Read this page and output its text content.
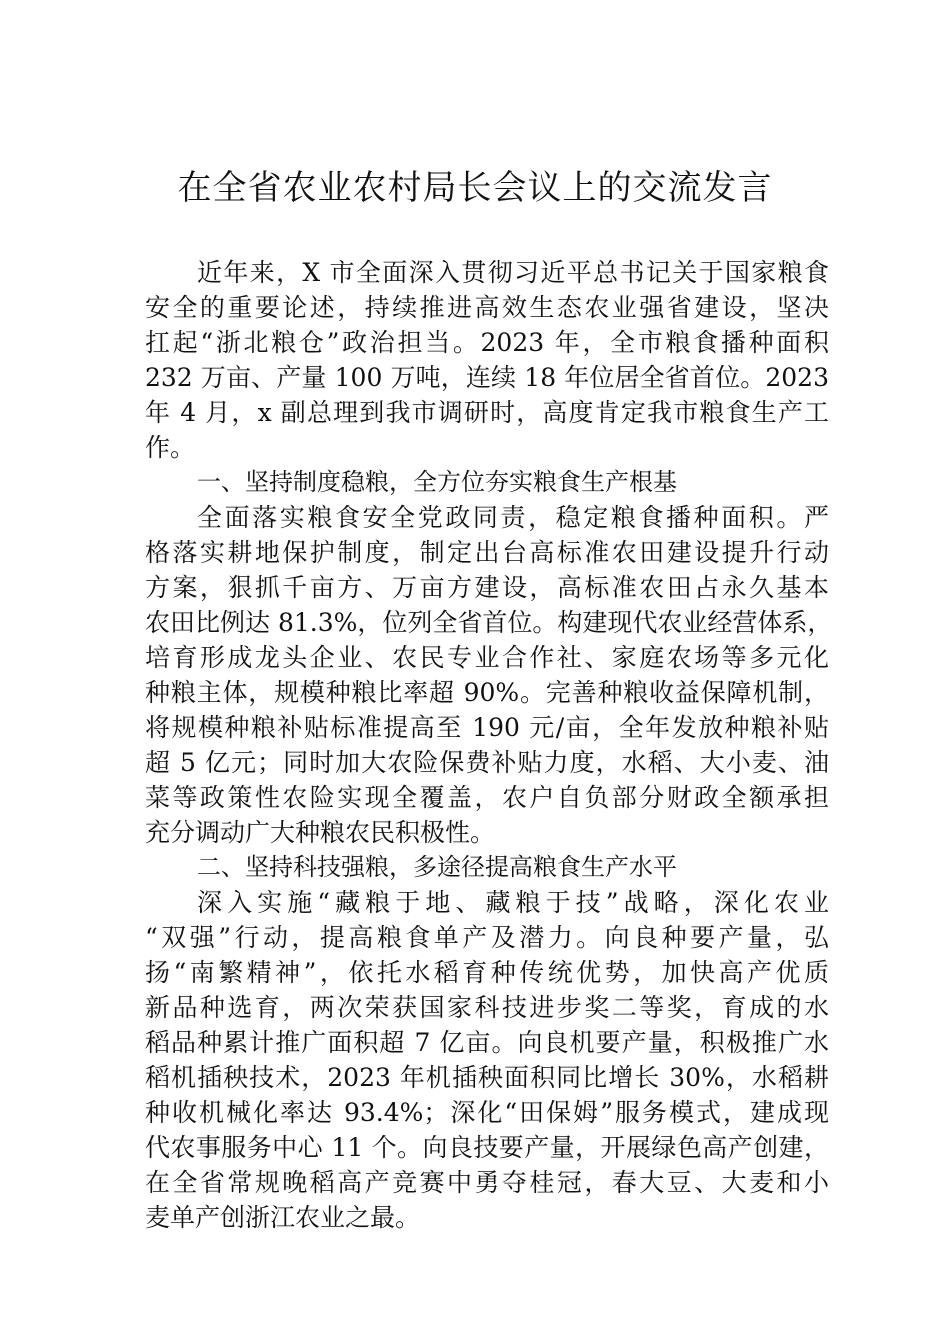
在全省农业农村局长会议上的交流发言
近年来，X 市全面深入贯彻习近平总书记关于国家粮食
安全的重要论述，持续推进高效生态农业强省建设，坚决
扛起“浙北粮仓”政治担当。2023 年，全市粮食播种面积
232 万亩、产量 100 万吨，连续 18 年位居全省首位。2023
年 4 月，x 副总理到我市调研时，高度肯定我市粮食生产工
作。
一、坚持制度稳粮，全方位夯实粮食生产根基
全面落实粮食安全党政同责，稳定粮食播种面积。严
格落实耕地保护制度，制定出台高标准农田建设提升行动
方案，狠抓千亩方、万亩方建设，高标准农田占永久基本
农田比例达 81.3%，位列全省首位。构建现代农业经营体系，
培育形成龙头企业、农民专业合作社、家庭农场等多元化
种粮主体，规模种粮比率超 90%。完善种粮收益保障机制，
将规模种粮补贴标准提高至 190 元/亩，全年发放种粮补贴
超 5 亿元；同时加大农险保费补贴力度，水稻、大小麦、油
菜等政策性农险实现全覆盖，农户自负部分财政全额承担
充分调动广大种粮农民积极性。
二、坚持科技强粮，多途径提高粮食生产水平
深入实施“藏粮于地、藏粮于技”战略，深化农业
“双强”行动，提高粮食单产及潜力。向良种要产量，弘
扬“南繁精神”，依托水稻育种传统优势，加快高产优质
新品种选育，两次荣获国家科技进步奖二等奖，育成的水
稻品种累计推广面积超 7 亿亩。向良机要产量，积极推广水
稻机插秧技术，2023 年机插秧面积同比增长 30%，水稻耕
种收机械化率达 93.4%；深化“田保姆”服务模式，建成现
代农事服务中心 11 个。向良技要产量，开展绿色高产创建，
在全省常规晚稻高产竞赛中勇夺桂冠，春大豆、大麦和小
麦单产创浙江农业之最。
